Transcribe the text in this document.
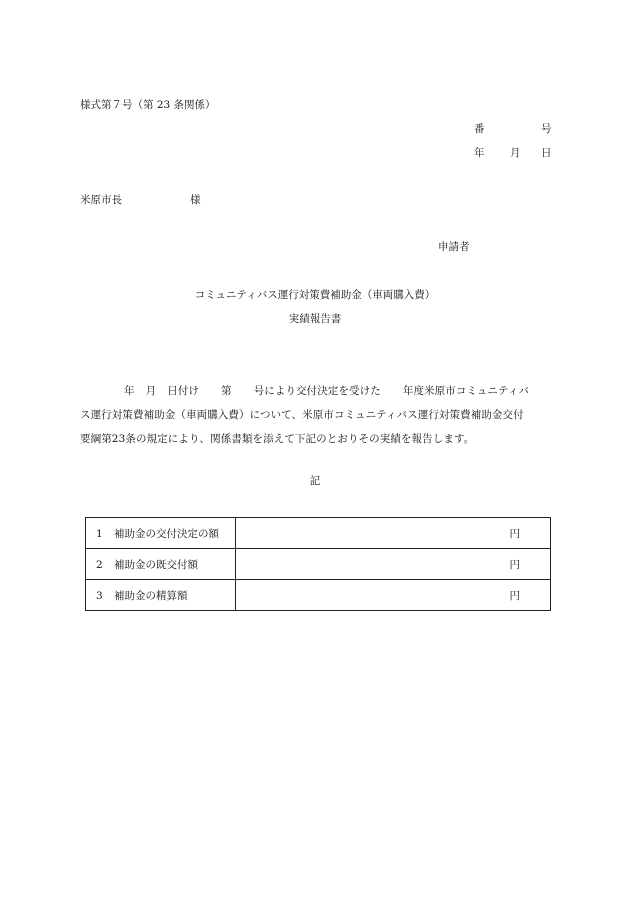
様式第７号（第 23 条関係）
番	号
年 月 日
米原市長	様
申請者
コミュニティバス運行対策費補助金（車両購入費）
実績報告書
年 月 日付け 第 号により交付決定を受けた 年度米原市コミュニティバ
ス運行対策費補助金（車両購入費）について、米原市コミュニティバス運行対策費補助金交付
要綱第23条の規定により、関係書類を添えて下記のとおりその実績を報告します。
記
1 補助金の交付決定の額	円
2 補助金の既交付額	円
3 補助金の精算額	円
